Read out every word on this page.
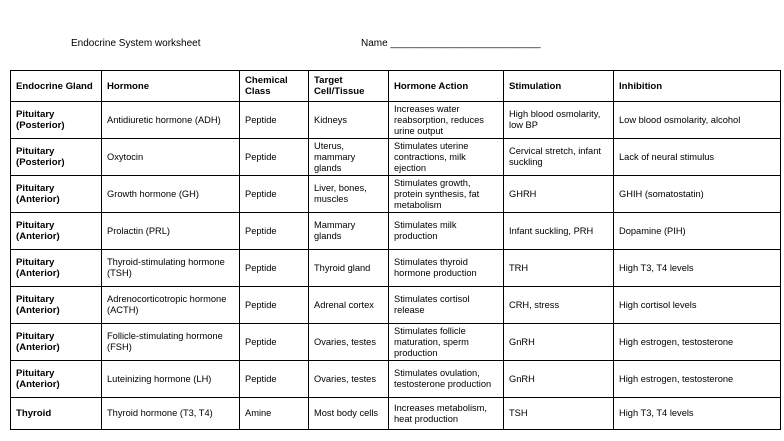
Endocrine System worksheet	Name ___________________________
Endocrine Gland	Hormone	Chemical Class	Target Cell/Tissue	Hormone Action	Stimulation	Inhibition
Pituitary (Posterior)	Antidiuretic hormone (ADH)	Peptide	Kidneys	Increases water reabsorption, reduces urine output	High blood osmolarity, low BP	Low blood osmolarity, alcohol
Pituitary (Posterior)	Oxytocin	Peptide	Uterus, mammary glands	Stimulates uterine contractions, milk ejection	Cervical stretch, infant suckling	Lack of neural stimulus
Pituitary (Anterior)	Growth hormone (GH)	Peptide	Liver, bones, muscles	Stimulates growth, protein synthesis, fat metabolism	GHRH	GHIH (somatostatin)
Pituitary (Anterior)	Prolactin (PRL)	Peptide	Mammary glands	Stimulates milk production	Infant suckling, PRH	Dopamine (PIH)
Pituitary (Anterior)	Thyroid-stimulating hormone (TSH)	Peptide	Thyroid gland	Stimulates thyroid hormone production	TRH	High T3, T4 levels
Pituitary (Anterior)	Adrenocorticotropic hormone (ACTH)	Peptide	Adrenal cortex	Stimulates cortisol release	CRH, stress	High cortisol levels
Pituitary (Anterior)	Follicle-stimulating hormone (FSH)	Peptide	Ovaries, testes	Stimulates follicle maturation, sperm production	GnRH	High estrogen, testosterone
Pituitary (Anterior)	Luteinizing hormone (LH)	Peptide	Ovaries, testes	Stimulates ovulation, testosterone production	GnRH	High estrogen, testosterone
Thyroid	Thyroid hormone (T3, T4)	Amine	Most body cells	Increases metabolism, heat production	TSH	High T3, T4 levels
